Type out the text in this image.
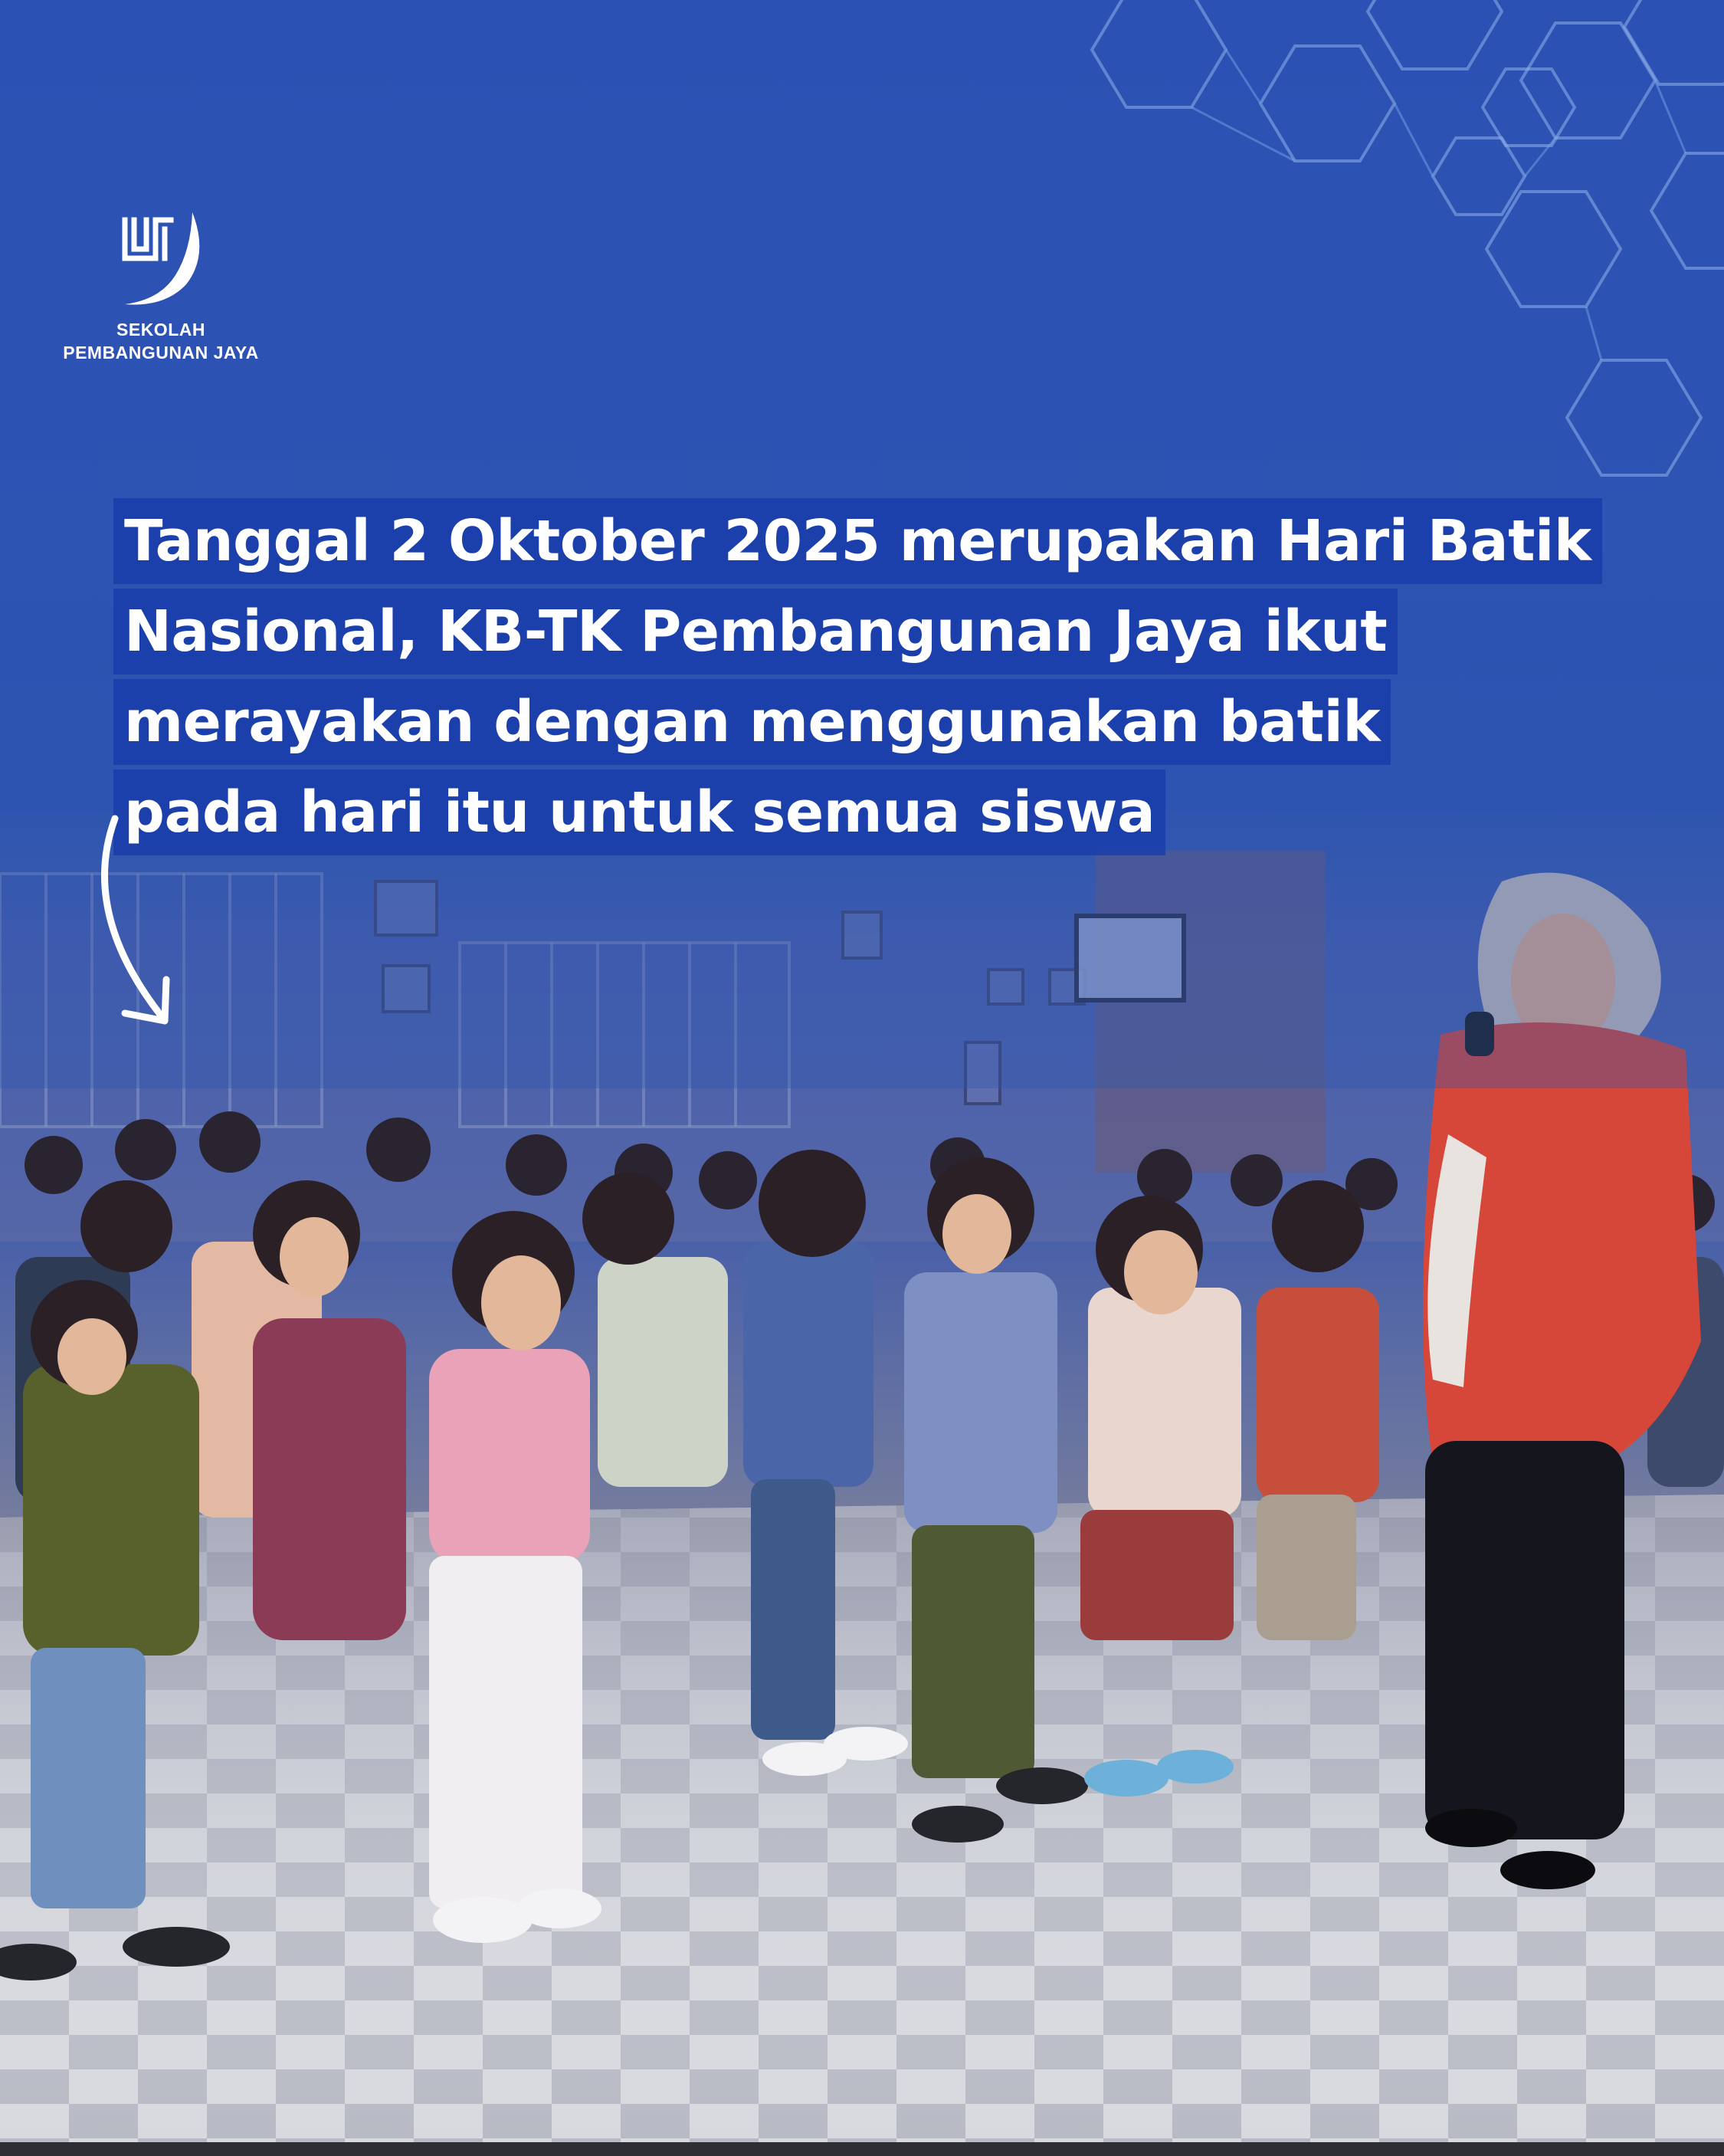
SEKOLAH
PEMBANGUNAN JAYA
Tanggal 2 Oktober 2025 merupakan Hari Batik
Nasional, KB-TK Pembangunan Jaya ikut
merayakan dengan menggunakan batik
pada hari itu untuk semua siswa
